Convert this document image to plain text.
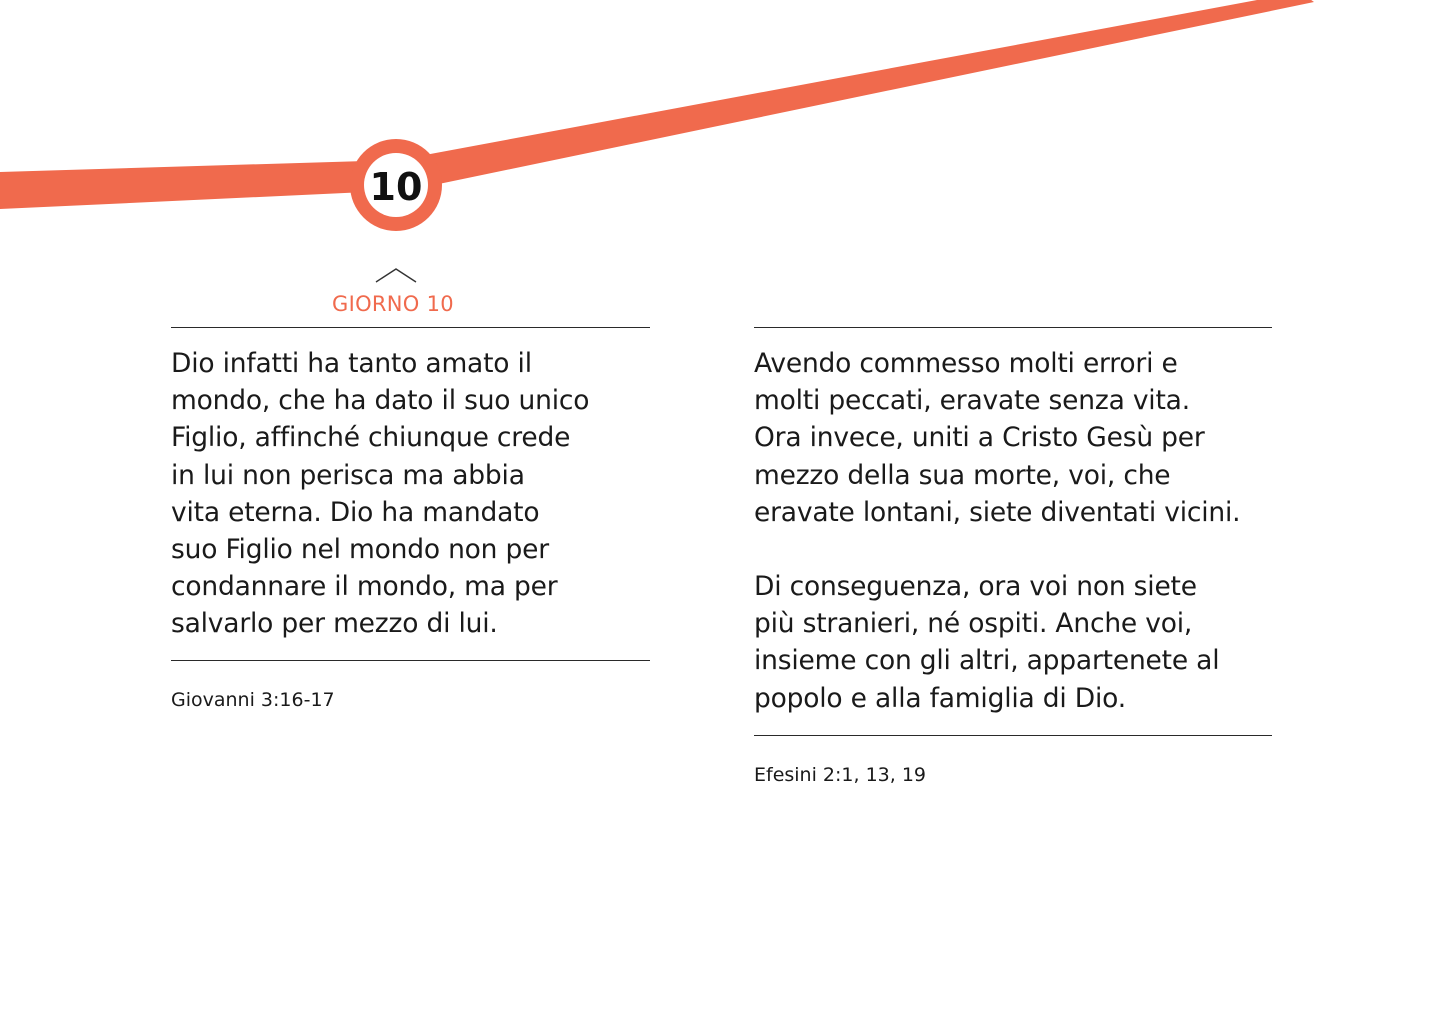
10
GIORNO 10
Dio infatti ha tanto amato il
mondo, che ha dato il suo unico
Figlio, affinché chiunque crede
in lui non perisca ma abbia
vita eterna. Dio ha mandato
suo Figlio nel mondo non per
condannare il mondo, ma per
salvarlo per mezzo di lui.
Giovanni 3:16-17
Avendo commesso molti errori e
molti peccati, eravate senza vita.
Ora invece, uniti a Cristo Gesù per
mezzo della sua morte, voi, che
eravate lontani, siete diventati vicini.
Di conseguenza, ora voi non siete
più stranieri, né ospiti. Anche voi,
insieme con gli altri, appartenete al
popolo e alla famiglia di Dio.
Efesini 2:1, 13, 19
